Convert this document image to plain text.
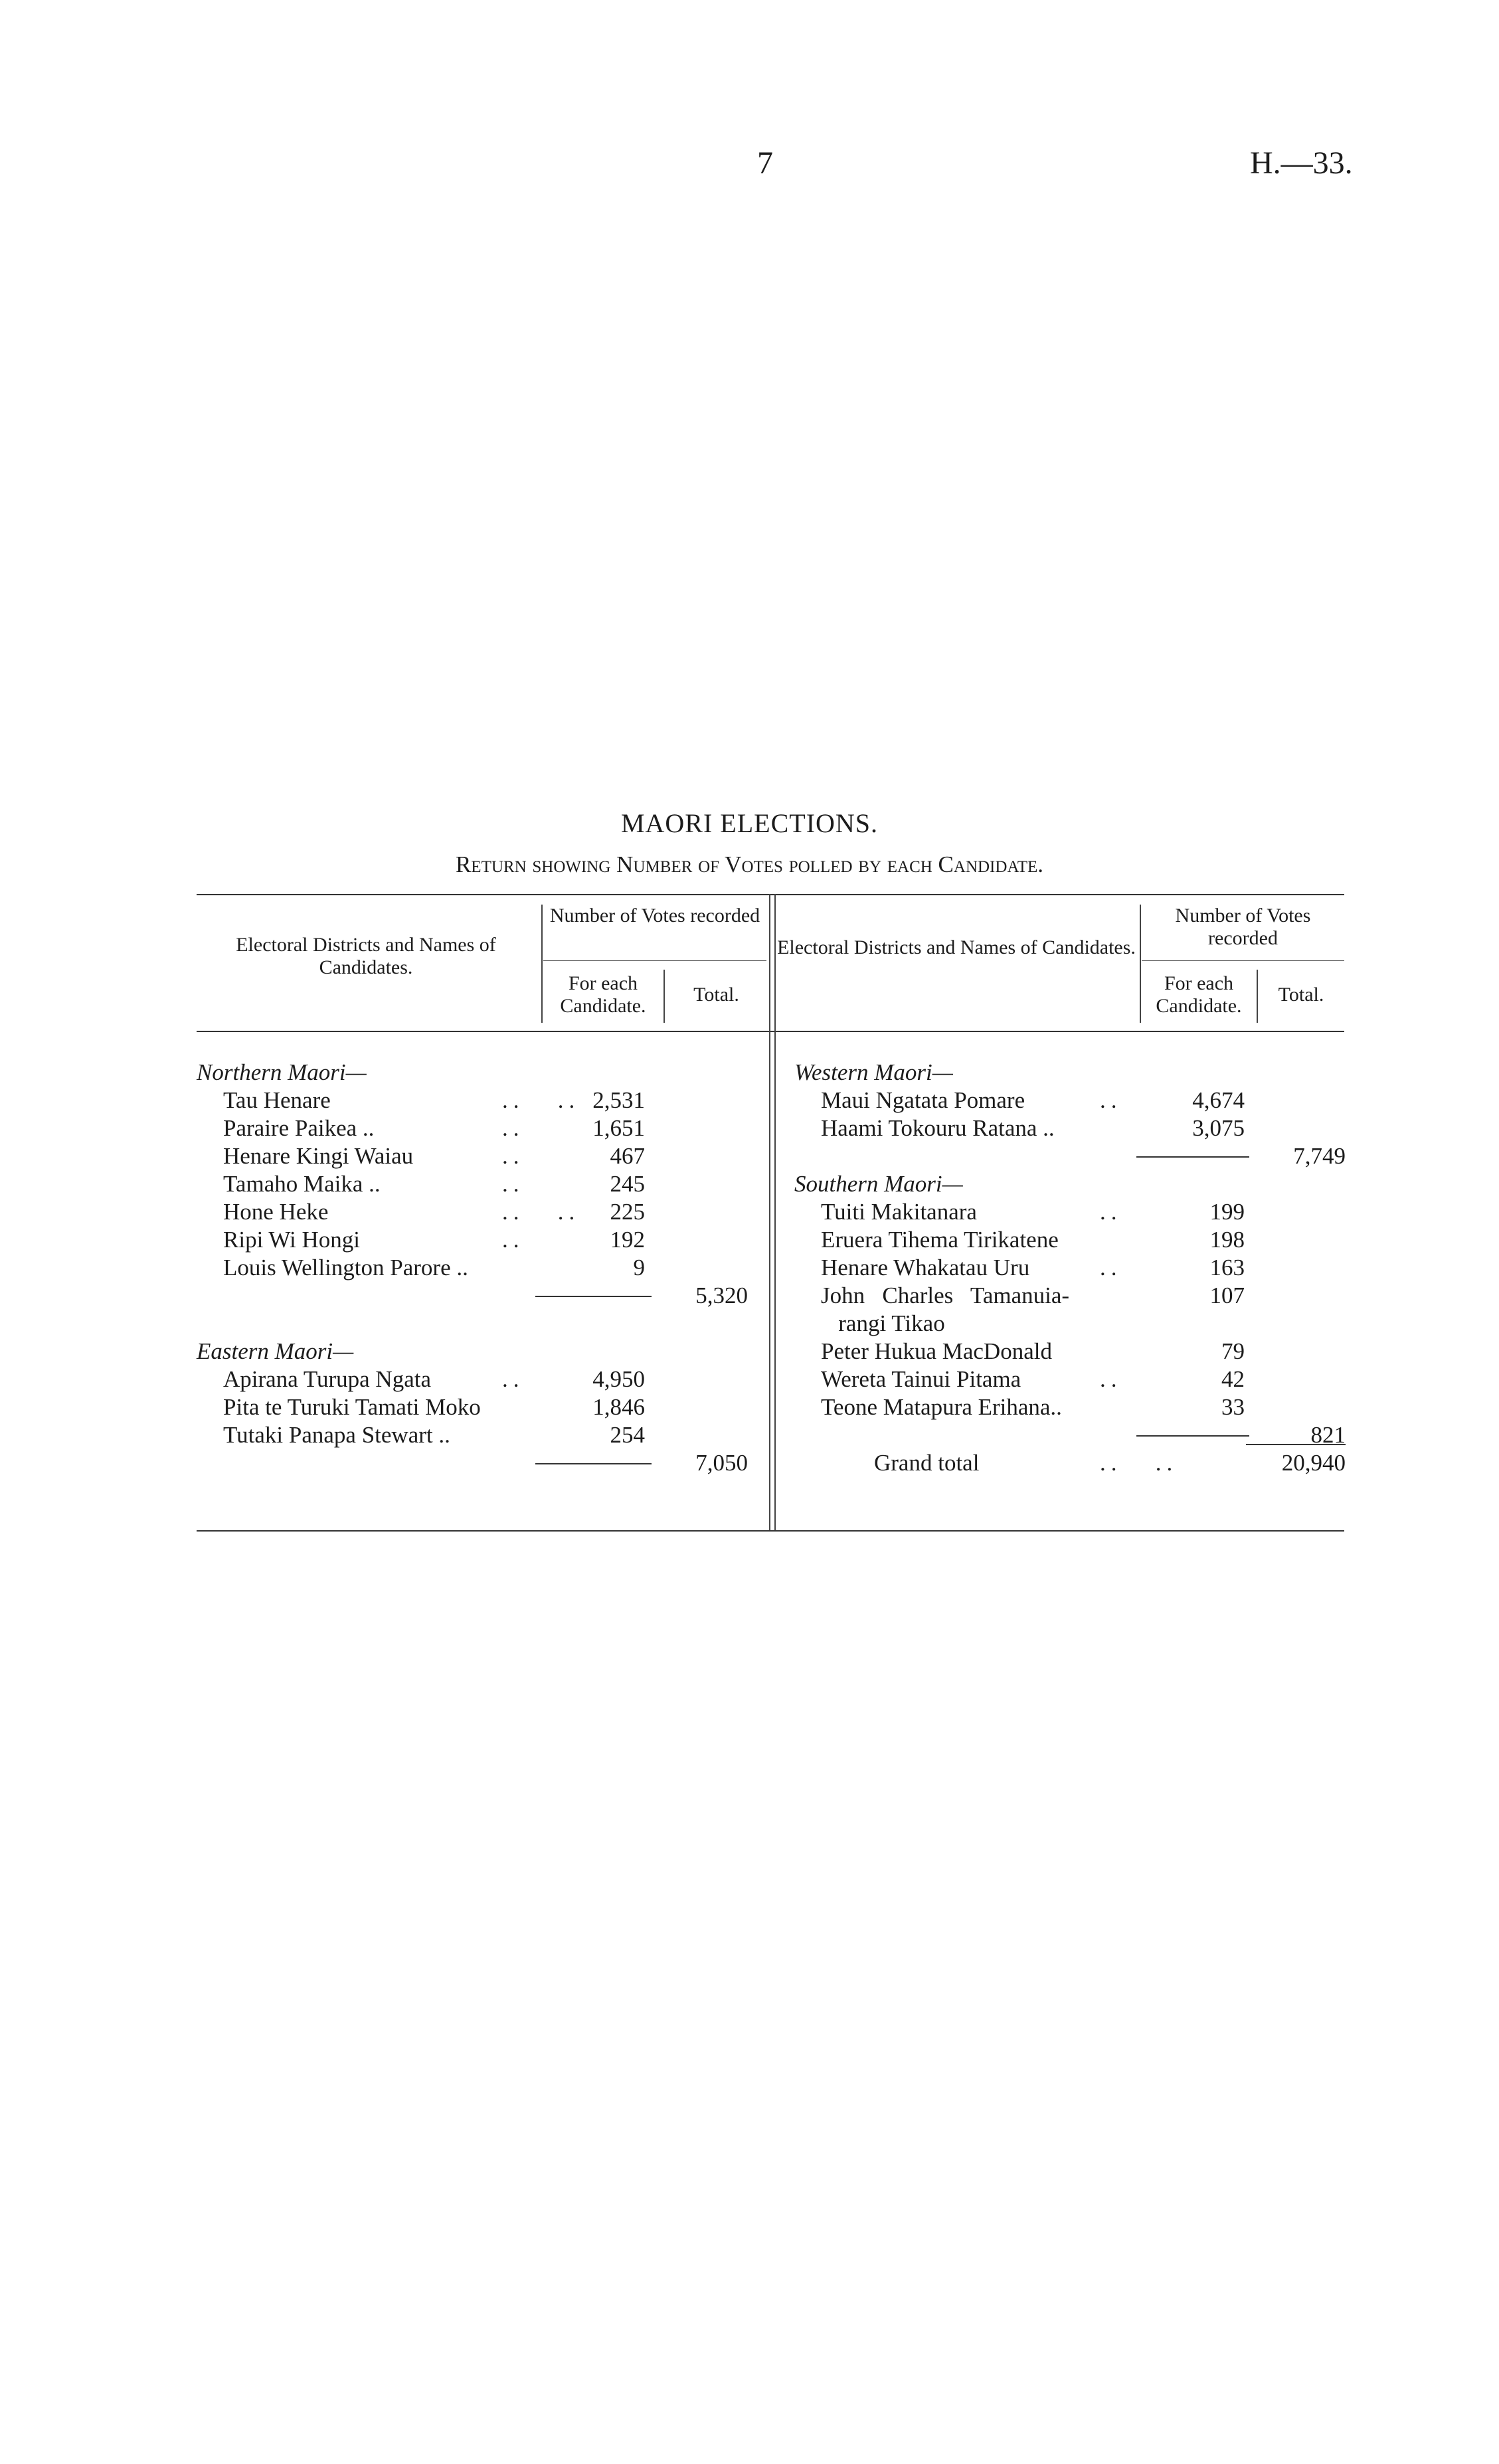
7	H.—33.
MAORI ELECTIONS.
Return showing Number of Votes polled by each Candidate.
Electoral Districts and Names of Candidates.
Number of Votes recorded
For each Candidate.
Total.
Electoral Districts and Names of Candidates.
Number of Votes recorded
For each Candidate.
Total.
Northern Maori—
Tau Henare	..   .. 2,531
Paraire Paikea ..	..	1,651
Henare Kingi Waiau	..	467
Tamaho Maika ..	..	245
Hone Heke	..   .. 225
Ripi Wi Hongi	..	192
Louis Wellington Parore ..	9
5,320
Eastern Maori—
Apirana Turupa Ngata	..	4,950
Pita te Turuki Tamati Moko	1,846
Tutaki Panapa Stewart ..	254
7,050
Western Maori—
Maui Ngatata Pomare	..	4,674
Haami Tokouru Ratana ..	3,075
7,749
Southern Maori—
Tuiti Makitanara	..	199
Eruera Tihema Tirikatene	198
Henare Whakatau Uru	..	163
John   Charles   Tamanuia-	107
rangi Tikao
Peter Hukua MacDonald	79
Wereta Tainui Pitama	..	42
Teone Matapura Erihana..	33
821
Grand total	..   ..	20,940
